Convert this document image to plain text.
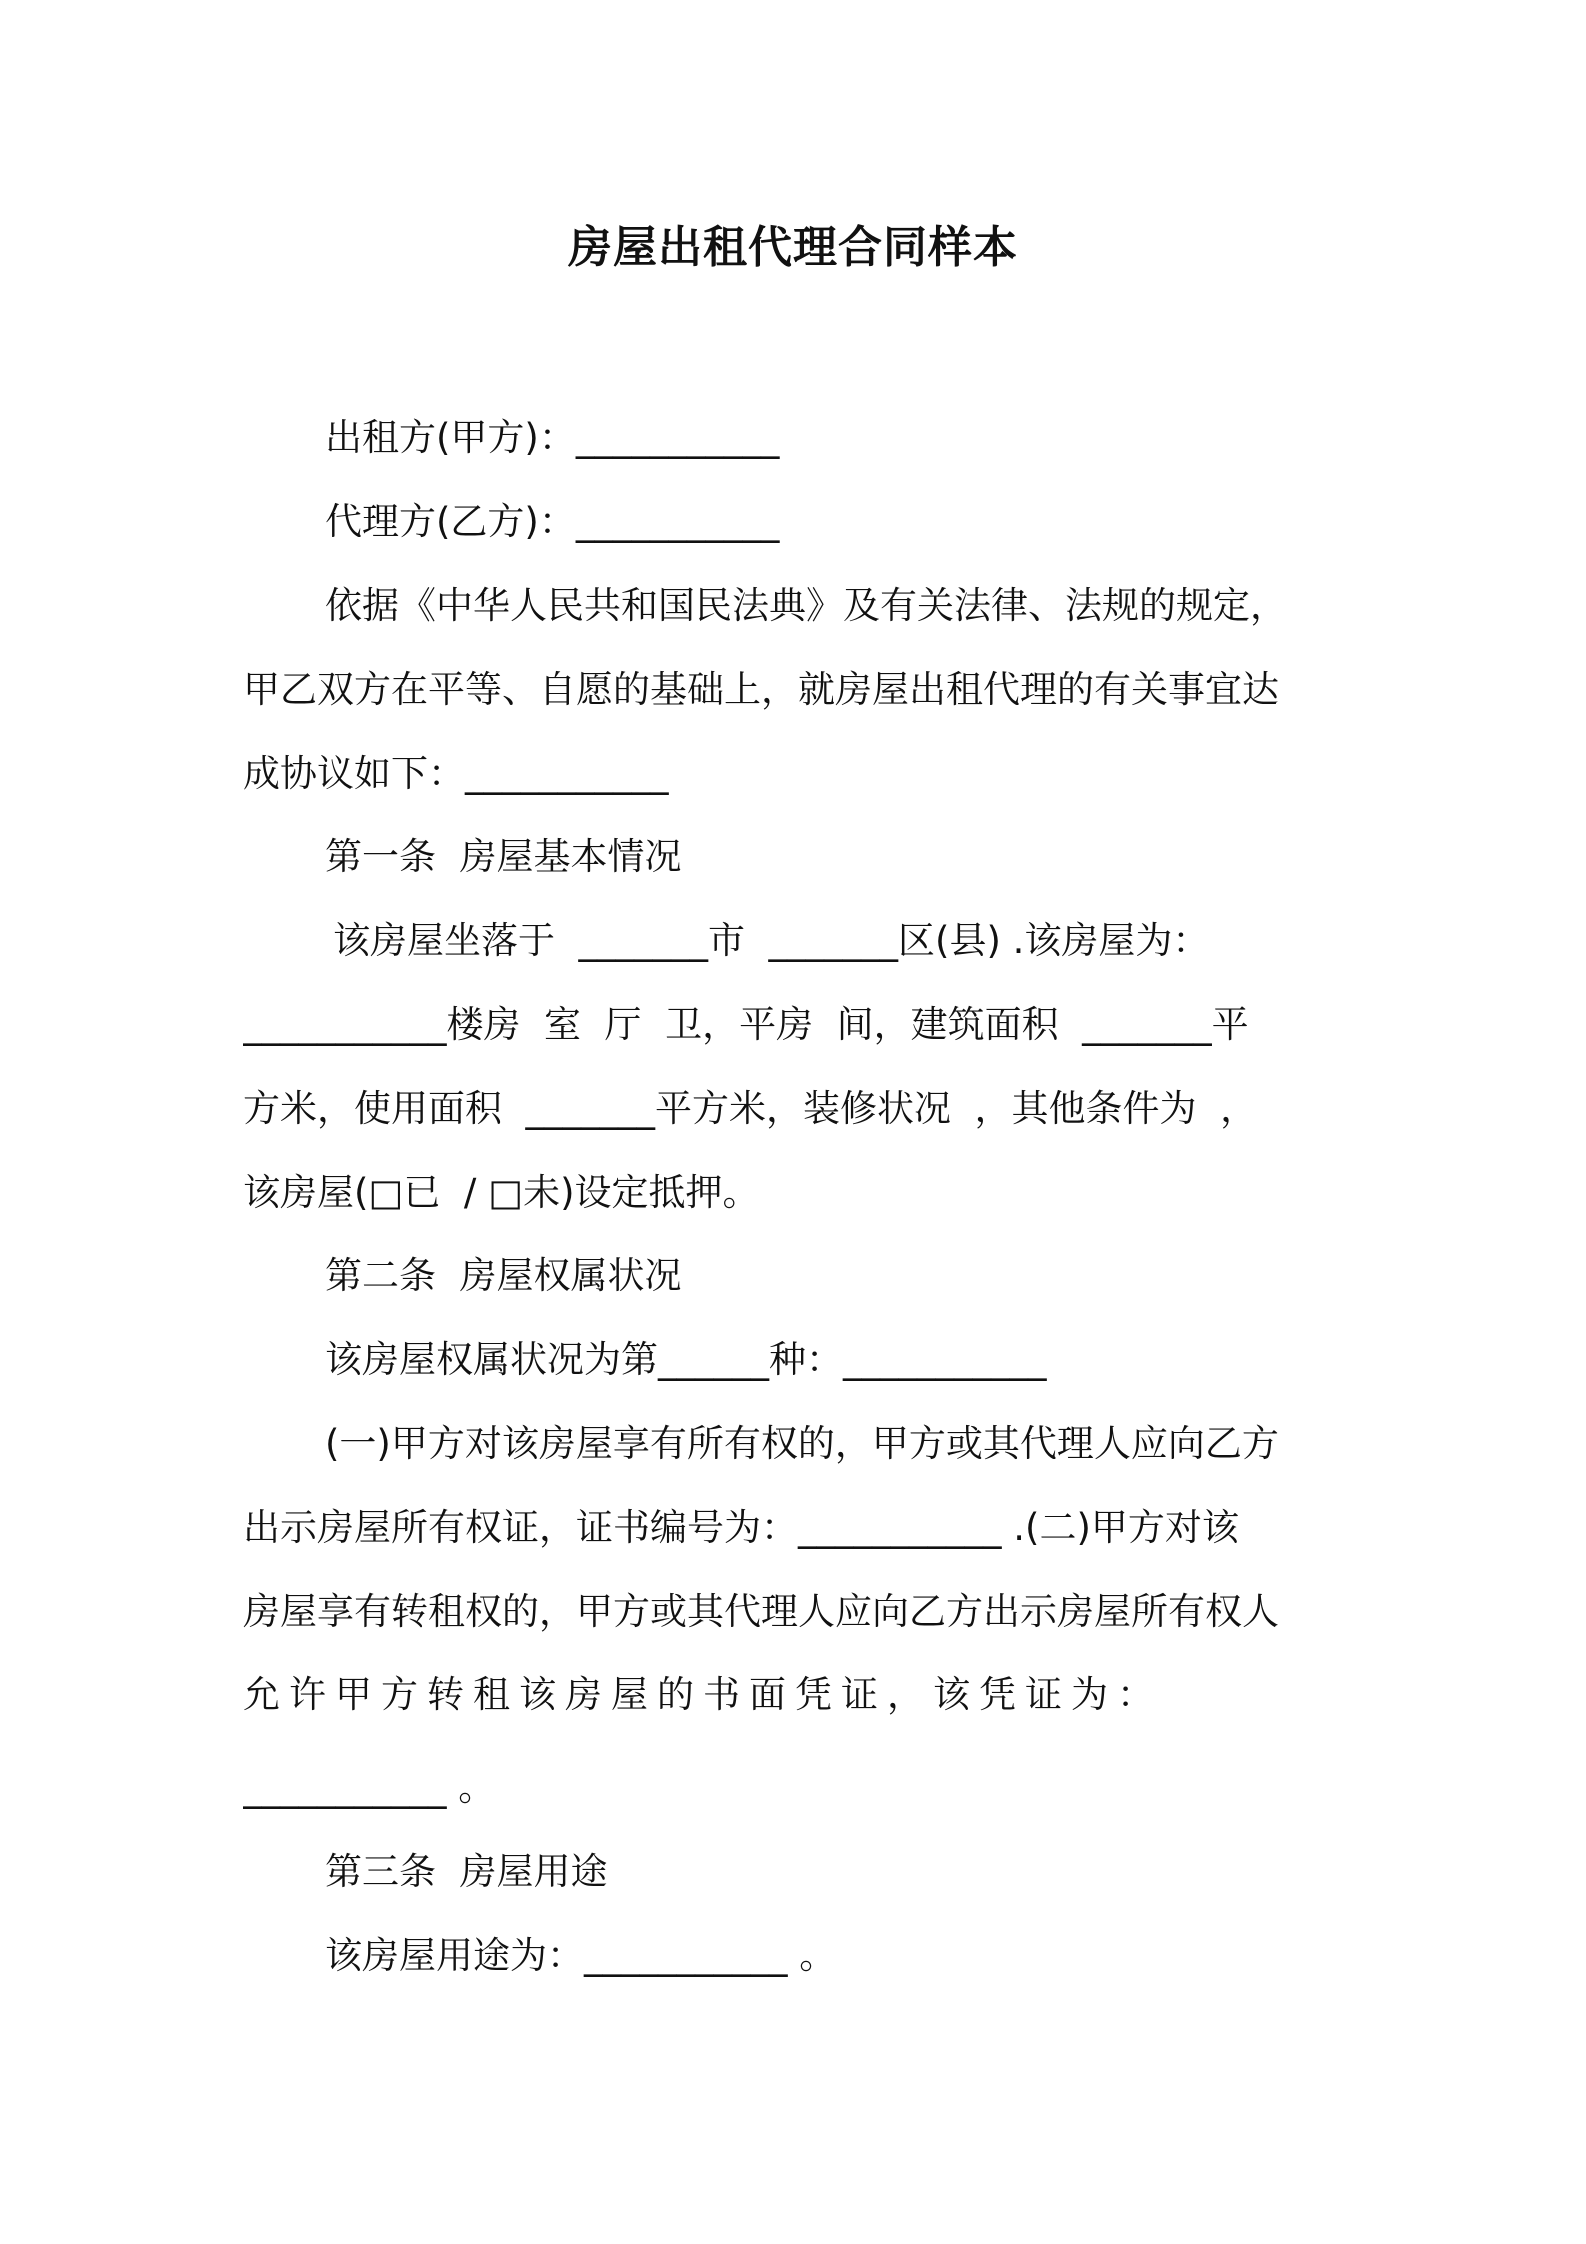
房屋出租代理合同样本
出租方(甲方)：___________
代理方(乙方)：___________
依据《中华人民共和国民法典》及有关法律、法规的规定，
甲乙双方在平等、自愿的基础上，就房屋出租代理的有关事宜达
成协议如下：___________
第一条  房屋基本情况
该房屋坐落于  _______市  _______区(县) .该房屋为：
___________楼房  室  厅  卫，平房  间，建筑面积  _______平
方米，使用面积  _______平方米，装修状况  ，其他条件为  ，
该房屋(□已  / □未)设定抵押。
第二条  房屋权属状况
该房屋权属状况为第______种：___________
(一)甲方对该房屋享有所有权的，甲方或其代理人应向乙方
出示房屋所有权证，证书编号为：___________ .(二)甲方对该
房屋享有转租权的，甲方或其代理人应向乙方出示房屋所有权人
允许甲方转租该房屋的书面凭证，该凭证为：
___________ 。
第三条  房屋用途
该房屋用途为：___________ 。
